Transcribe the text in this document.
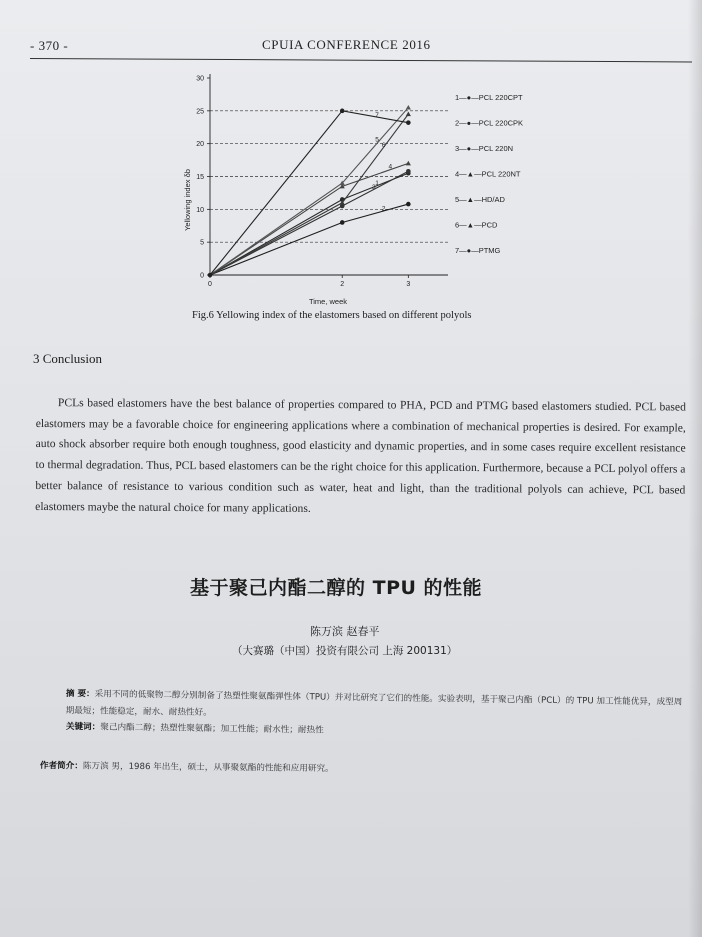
- 370 -	CPUIA CONFERENCE 2016
0
5
10
15
20
25
30
0	2	3
1
2
3
4
5
6
7
1—●—PCL 220CPT
2—●—PCL 220CPK
3—●—PCL 220N
4—▲—PCL 220NT
5—▲—HD/AD
6—▲—PCD
7—●—PTMG
Yellowing index δb
Time, week
Fig.6 Yellowing index of the elastomers based on different polyols
3 Conclusion
PCLs based elastomers have the best balance of properties compared to PHA, PCD and PTMG based elastomers studied. PCL based elastomers may be a favorable choice for engineering applications where a combination of mechanical properties is desired. For example, auto shock absorber require both enough toughness, good elasticity and dynamic properties, and in some cases require excellent resistance to thermal degradation. Thus, PCL based elastomers can be the right choice for this application. Furthermore, because a PCL polyol offers a better balance of resistance to various condition such as water, heat and light, than the traditional polyols can achieve, PCL based elastomers maybe the natural choice for many applications.
基于聚己内酯二醇的 TPU 的性能
陈万滨 赵春平
（大赛璐（中国）投资有限公司 上海 200131）
摘 要：采用不同的低聚物二醇分别制备了热塑性聚氨酯弹性体（TPU）并对比研究了它们的性能。实验表明，基于聚己内酯（PCL）的 TPU 加工性能优异，成型周期最短；性能稳定，耐水、耐热性好。
关键词：聚己内酯二醇；热塑性聚氨酯；加工性能；耐水性；耐热性
作者简介：陈万滨 男，1986 年出生，硕士，从事聚氨酯的性能和应用研究。
